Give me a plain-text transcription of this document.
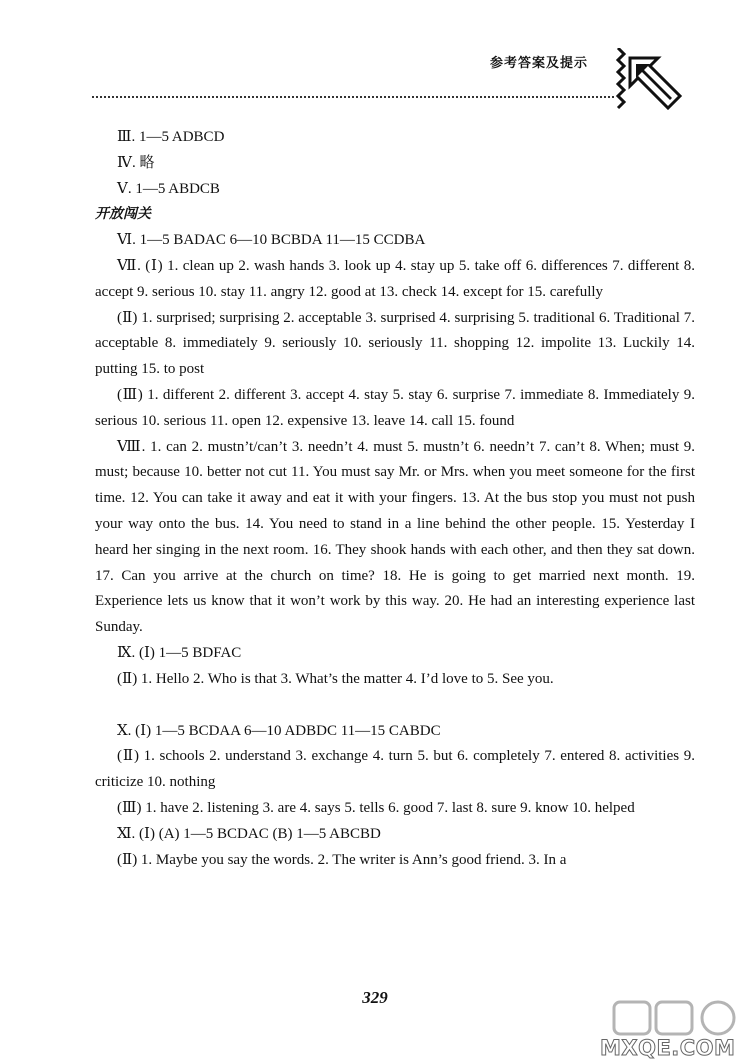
参考答案及提示

Ⅲ. 1—5 ADBCD

Ⅳ. 略

Ⅴ. 1—5 ABDCB

开放闯关

Ⅵ. 1—5 BADAC 6—10 BCBDA 11—15 CCDBA

Ⅶ. (Ⅰ) 1. clean up 2. wash hands 3. look up 4. stay up 5. take off 6. differences 7. different 8. accept 9. serious 10. stay 11. angry 12. good at 13. check 14. except for 15. carefully

(Ⅱ) 1. surprised; surprising 2. acceptable 3. surprised 4. surprising 5. traditional 6. Traditional 7. acceptable 8. immediately 9. seriously 10. seriously 11. shopping 12. impolite 13. Luckily 14. putting 15. to post

(Ⅲ) 1. different 2. different 3. accept 4. stay 5. stay 6. surprise 7. immediate 8. Immediately 9. serious 10. serious 11. open 12. expensive 13. leave 14. call 15. found

Ⅷ. 1. can 2. mustn’t/can’t 3. needn’t 4. must 5. mustn’t 6. needn’t 7. can’t 8. When; must 9. must; because 10. better not cut 11. You must say Mr. or Mrs. when you meet someone for the first time. 12. You can take it away and eat it with your fingers. 13. At the bus stop you must not push your way onto the bus. 14. You need to stand in a line behind the other people. 15. Yesterday I heard her singing in the next room. 16. They shook hands with each other, and then they sat down. 17. Can you arrive at the church on time? 18. He is going to get married next month. 19. Experience lets us know that it won’t work by this way. 20. He had an interesting experience last Sunday.

Ⅸ. (Ⅰ) 1—5 BDFAC

(Ⅱ) 1. Hello 2. Who is that 3. What’s the matter 4. I’d love to 5. See you.

Ⅹ. (Ⅰ) 1—5 BCDAA 6—10 ADBDC 11—15 CABDC

(Ⅱ) 1. schools 2. understand 3. exchange 4. turn 5. but 6. completely 7. entered 8. activities 9. criticize 10. nothing

(Ⅲ) 1. have 2. listening 3. are 4. says 5. tells 6. good 7. last 8. sure 9. know 10. helped

Ⅺ. (Ⅰ) (A) 1—5 BCDAC (B) 1—5 ABCBD

(Ⅱ) 1. Maybe you say the words. 2. The writer is Ann’s good friend. 3. In a

329
MXQE.COM
